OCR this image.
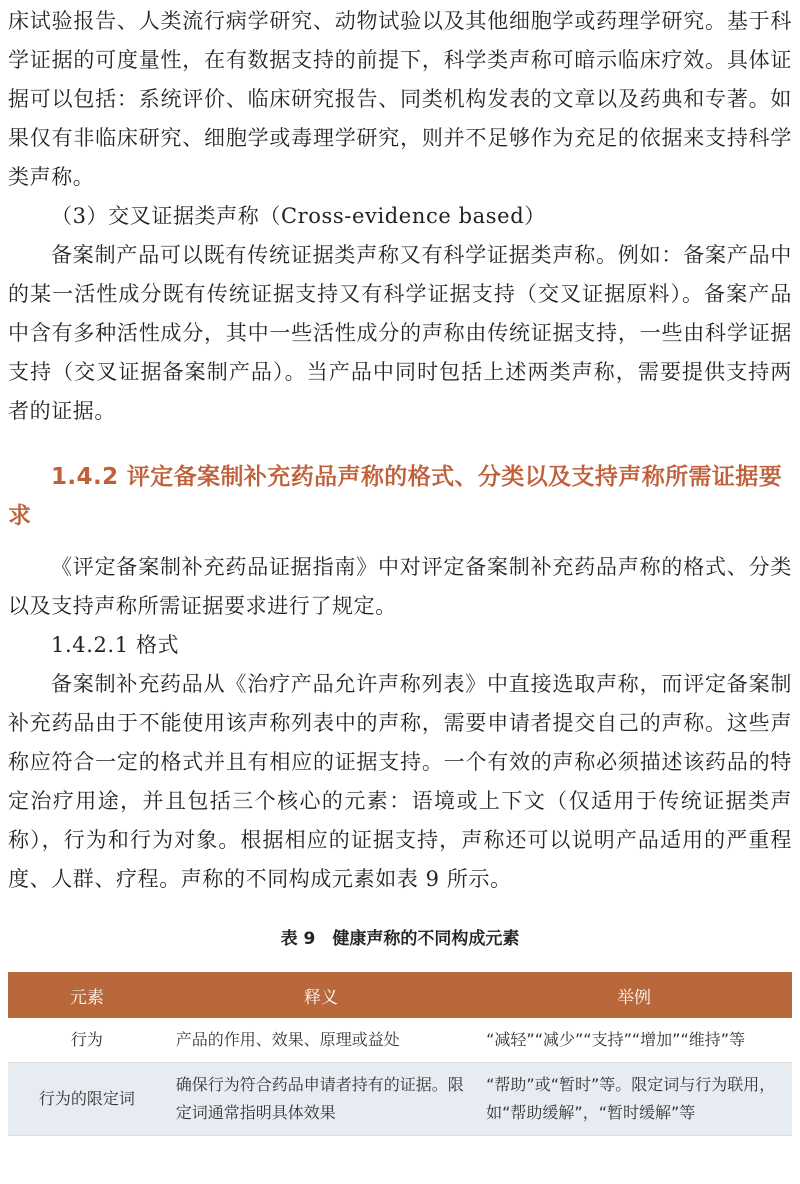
床试验报告、人类流行病学研究、动物试验以及其他细胞学或药理学研究。基于科学证据的可度量性，在有数据支持的前提下，科学类声称可暗示临床疗效。具体证据可以包括：系统评价、临床研究报告、同类机构发表的文章以及药典和专著。如果仅有非临床研究、细胞学或毒理学研究，则并不足够作为充足的依据来支持科学类声称。

（3）交叉证据类声称（Cross-evidence based）

备案制产品可以既有传统证据类声称又有科学证据类声称。例如：备案产品中的某一活性成分既有传统证据支持又有科学证据支持（交叉证据原料）。备案产品中含有多种活性成分，其中一些活性成分的声称由传统证据支持，一些由科学证据支持（交叉证据备案制产品）。当产品中同时包括上述两类声称，需要提供支持两者的证据。

1.4.2 评定备案制补充药品声称的格式、分类以及支持声称所需证据要求

《评定备案制补充药品证据指南》中对评定备案制补充药品声称的格式、分类以及支持声称所需证据要求进行了规定。

1.4.2.1 格式

备案制补充药品从《治疗产品允许声称列表》中直接选取声称，而评定备案制补充药品由于不能使用该声称列表中的声称，需要申请者提交自己的声称。这些声称应符合一定的格式并且有相应的证据支持。一个有效的声称必须描述该药品的特定治疗用途，并且包括三个核心的元素：语境或上下文（仅适用于传统证据类声称），行为和行为对象。根据相应的证据支持，声称还可以说明产品适用的严重程度、人群、疗程。声称的不同构成元素如表 9 所示。

表 9　健康声称的不同构成元素

元素	释义	举例
行为	产品的作用、效果、原理或益处	“减轻”“减少”“支持”“增加”“维持”等
行为的限定词	确保行为符合药品申请者持有的证据。限定词通常指明具体效果	“帮助”或“暂时”等。限定词与行为联用，如“帮助缓解”，“暂时缓解”等
